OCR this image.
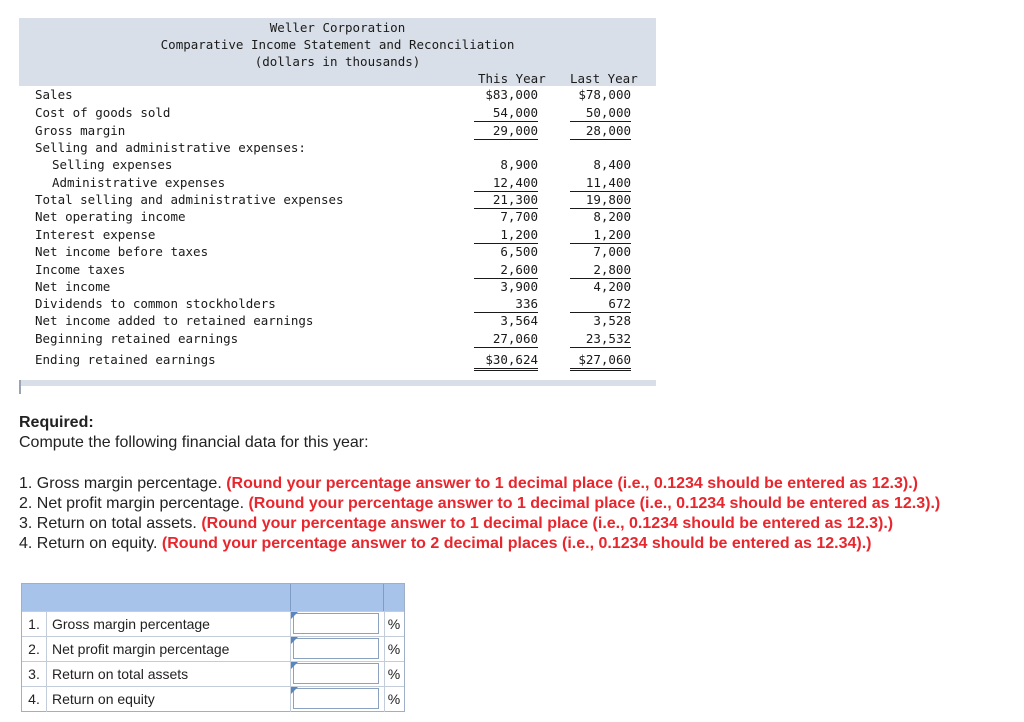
Weller Corporation
Comparative Income Statement and Reconciliation
(dollars in thousands)
This Year Last Year
Sales	$83,000	$78,000
Cost of goods sold	54,000	50,000
Gross margin	29,000	28,000
Selling and administrative expenses:
Selling expenses	8,900	8,400
Administrative expenses	12,400	11,400
Total selling and administrative expenses	21,300	19,800
Net operating income	7,700	8,200
Interest expense	1,200	1,200
Net income before taxes	6,500	7,000
Income taxes	2,600	2,800
Net income	3,900	4,200
Dividends to common stockholders	336	672
Net income added to retained earnings	3,564	3,528
Beginning retained earnings	27,060	23,532
Ending retained earnings	$30,624	$27,060
Required:
Compute the following financial data for this year:
1. Gross margin percentage. (Round your percentage answer to 1 decimal place (i.e., 0.1234 should be entered as 12.3).)
2. Net profit margin percentage. (Round your percentage answer to 1 decimal place (i.e., 0.1234 should be entered as 12.3).)
3. Return on total assets. (Round your percentage answer to 1 decimal place (i.e., 0.1234 should be entered as 12.3).)
4. Return on equity. (Round your percentage answer to 2 decimal places (i.e., 0.1234 should be entered as 12.34).)
1. Gross margin percentage	%
2. Net profit margin percentage	%
3. Return on total assets	%
4. Return on equity	%
